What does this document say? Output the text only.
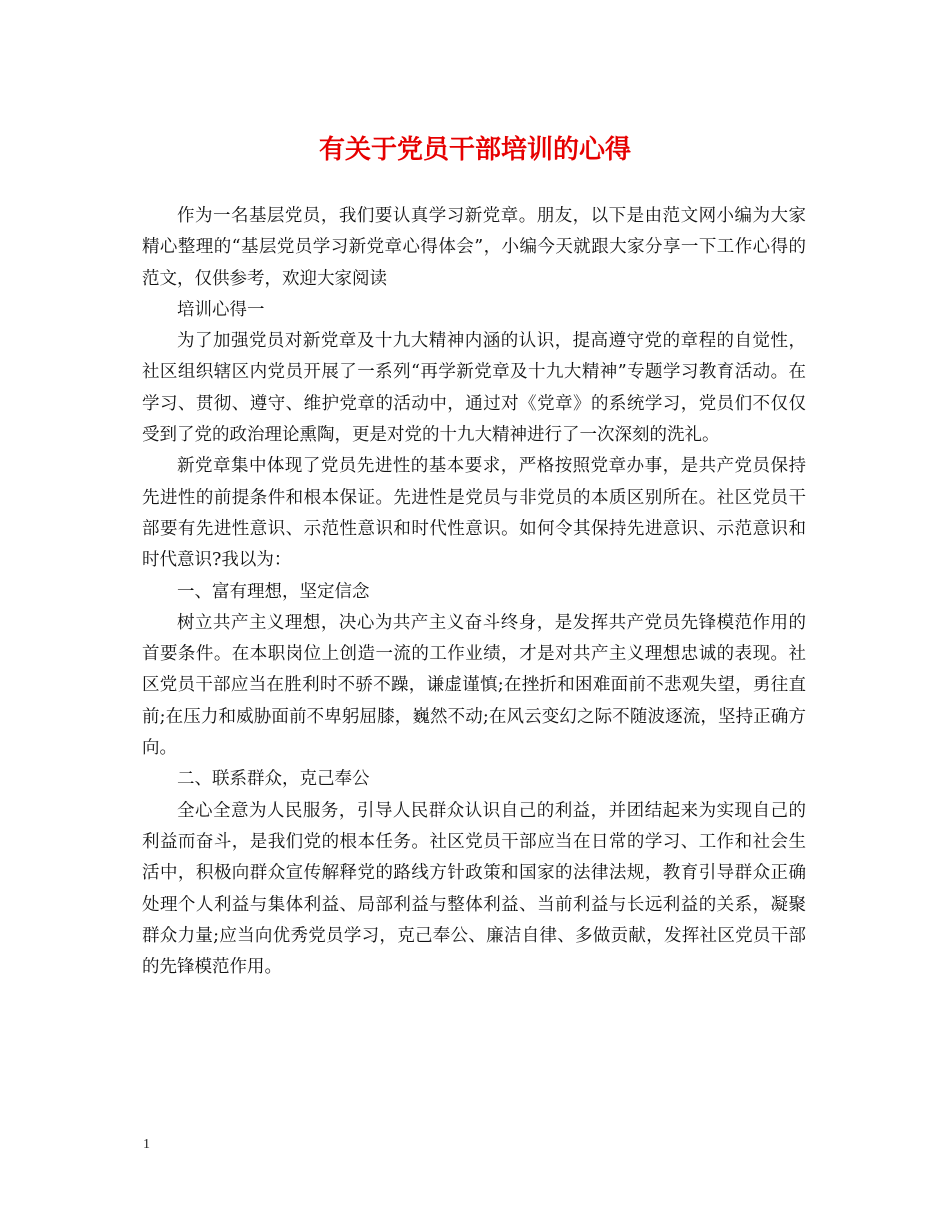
有关于党员干部培训的心得

作为一名基层党员，我们要认真学习新党章。朋友，以下是由范文网小编为大家精心整理的“基层党员学习新党章心得体会”，小编今天就跟大家分享一下工作心得的范文，仅供参考，欢迎大家阅读

培训心得一

为了加强党员对新党章及十九大精神内涵的认识，提高遵守党的章程的自觉性，社区组织辖区内党员开展了一系列“再学新党章及十九大精神”专题学习教育活动。在学习、贯彻、遵守、维护党章的活动中，通过对《党章》的系统学习，党员们不仅仅受到了党的政治理论熏陶，更是对党的十九大精神进行了一次深刻的洗礼。

新党章集中体现了党员先进性的基本要求，严格按照党章办事，是共产党员保持先进性的前提条件和根本保证。先进性是党员与非党员的本质区别所在。社区党员干部要有先进性意识、示范性意识和时代性意识。如何令其保持先进意识、示范意识和时代意识?我以为：

一、富有理想，坚定信念

树立共产主义理想，决心为共产主义奋斗终身，是发挥共产党员先锋模范作用的首要条件。在本职岗位上创造一流的工作业绩，才是对共产主义理想忠诚的表现。社区党员干部应当在胜利时不骄不躁，谦虚谨慎;在挫折和困难面前不悲观失望，勇往直前;在压力和威胁面前不卑躬屈膝，巍然不动;在风云变幻之际不随波逐流，坚持正确方向。

二、联系群众，克己奉公

全心全意为人民服务，引导人民群众认识自己的利益，并团结起来为实现自己的利益而奋斗，是我们党的根本任务。社区党员干部应当在日常的学习、工作和社会生活中，积极向群众宣传解释党的路线方针政策和国家的法律法规，教育引导群众正确处理个人利益与集体利益、局部利益与整体利益、当前利益与长远利益的关系，凝聚群众力量;应当向优秀党员学习，克己奉公、廉洁自律、多做贡献，发挥社区党员干部的先锋模范作用。

1
